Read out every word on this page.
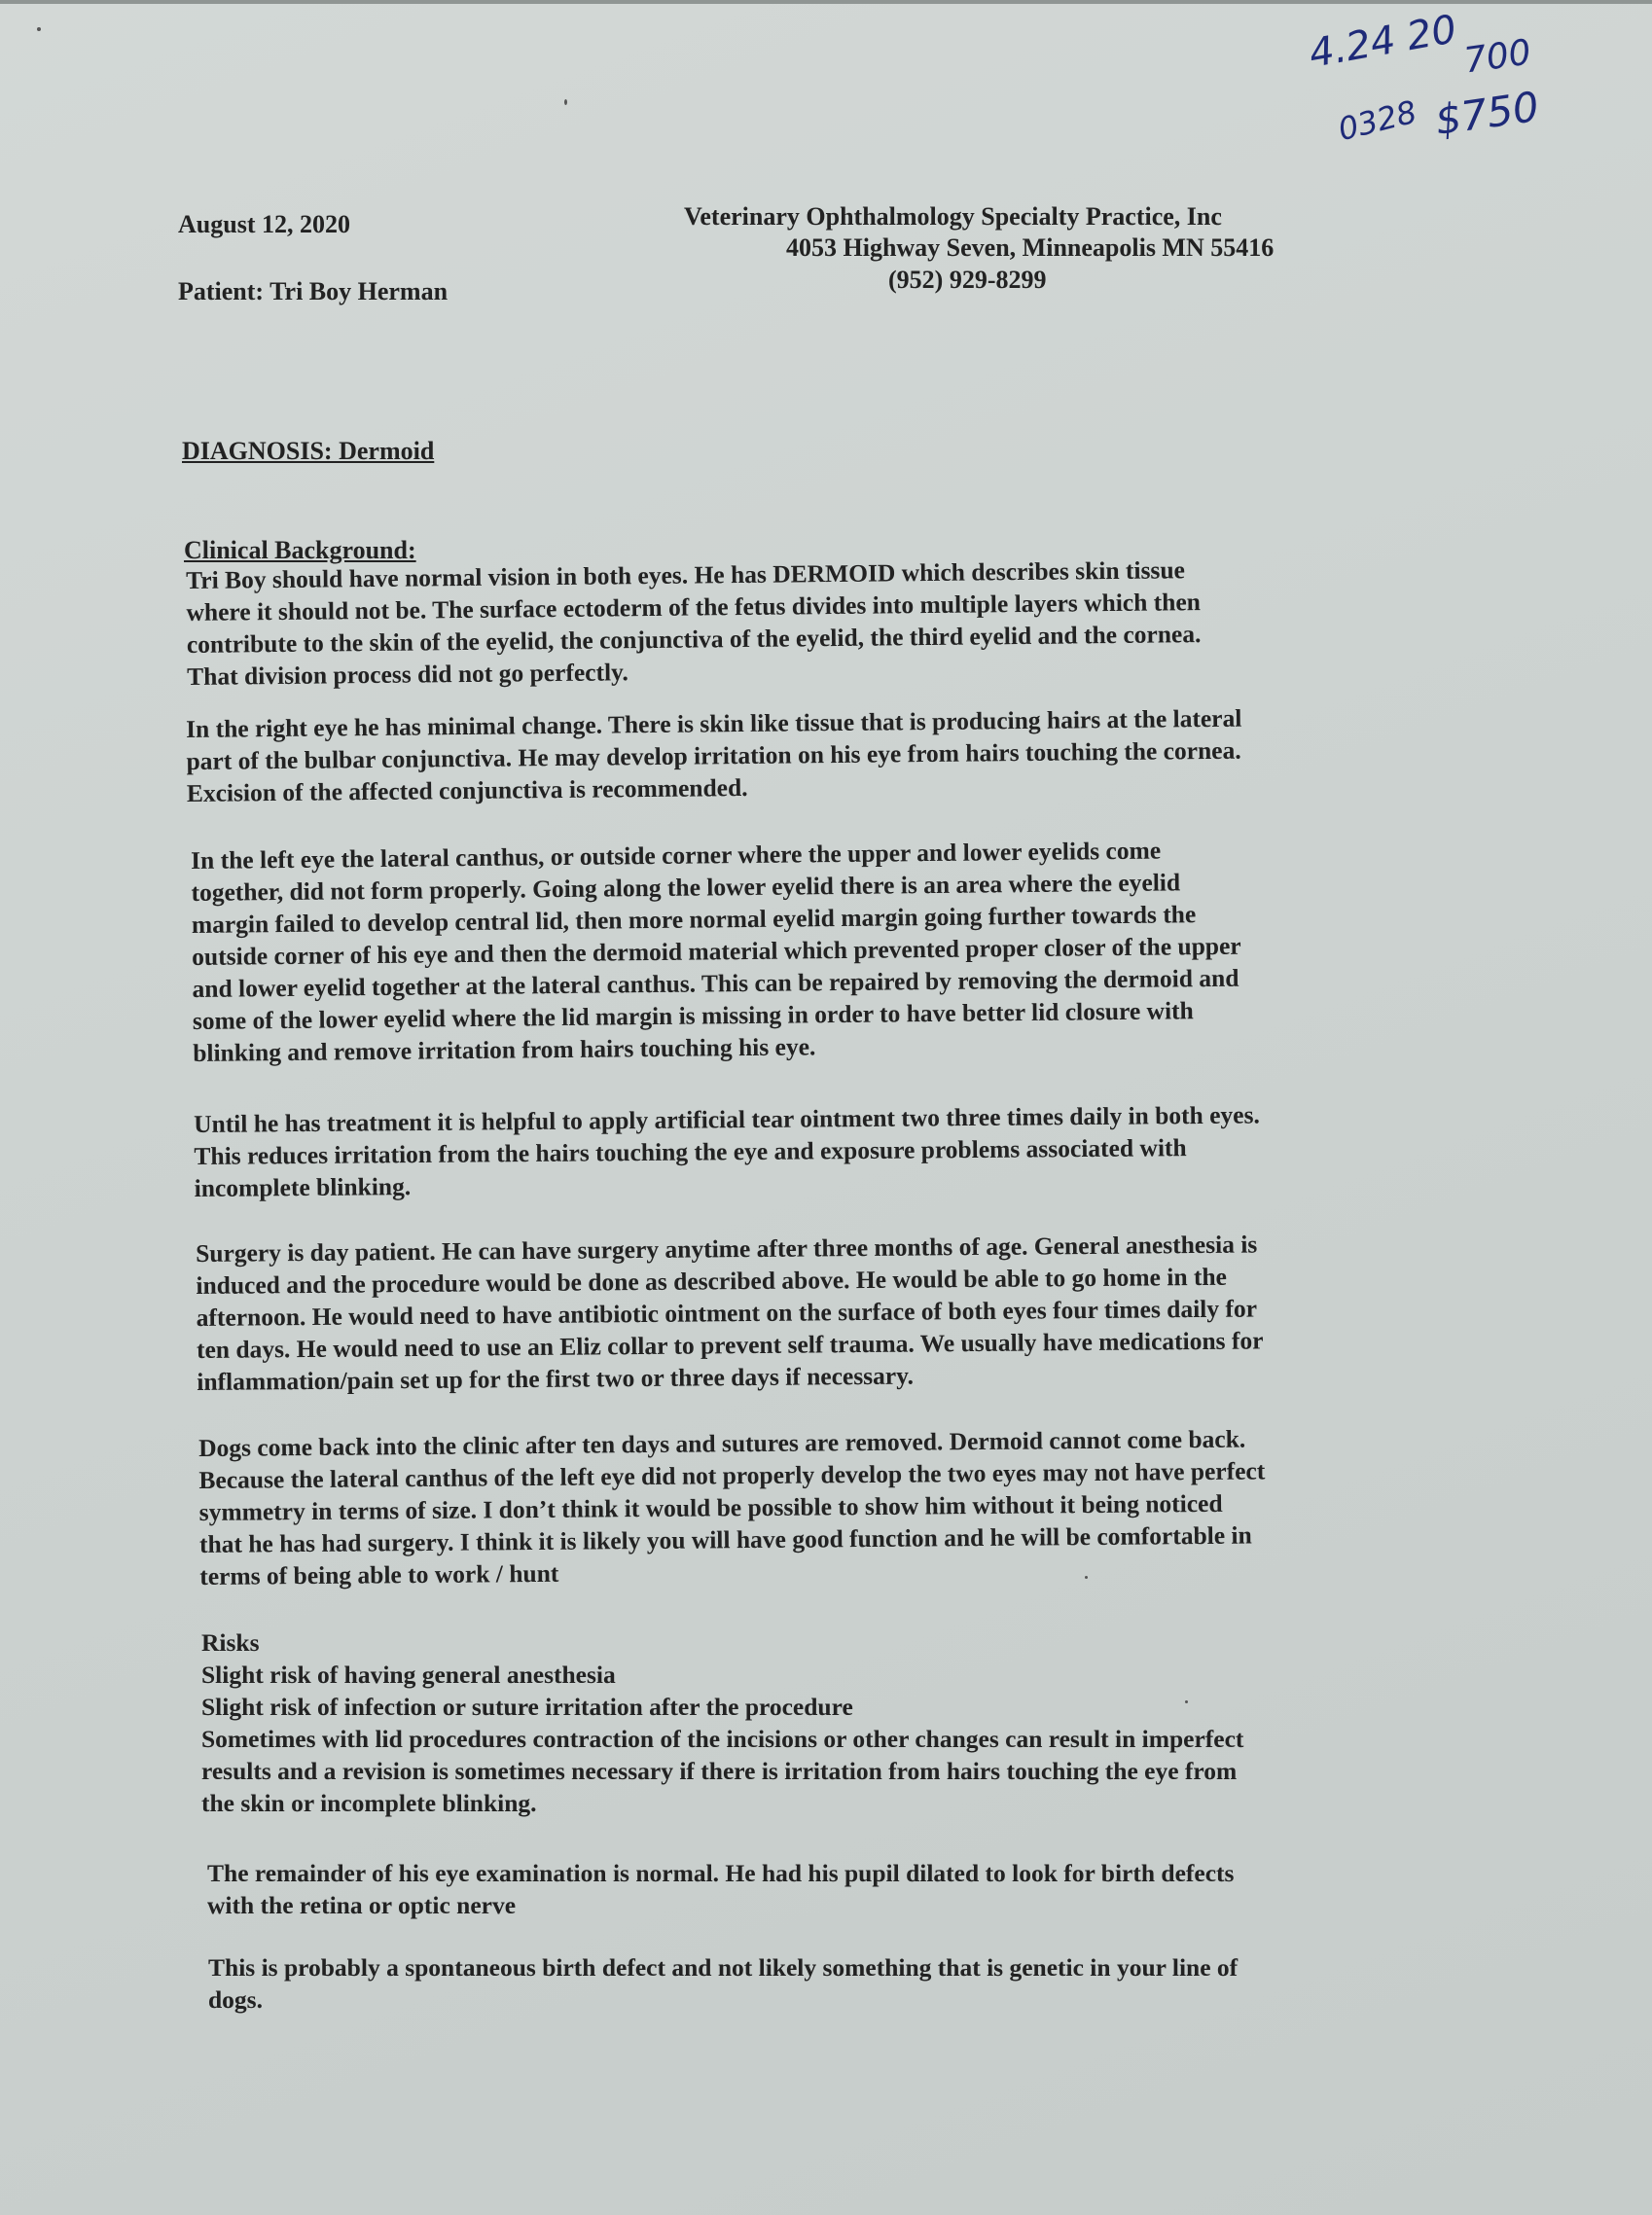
4.24 20 700
0328 $750
August 12, 2020
Patient: Tri Boy Herman
Veterinary Ophthalmology Specialty Practice, Inc
4053 Highway Seven, Minneapolis MN 55416
(952) 929-8299
DIAGNOSIS: Dermoid
Clinical Background:
Tri Boy should have normal vision in both eyes. He has DERMOID which describes skin tissue
where it should not be. The surface ectoderm of the fetus divides into multiple layers which then
contribute to the skin of the eyelid, the conjunctiva of the eyelid, the third eyelid and the cornea.
That division process did not go perfectly.
In the right eye he has minimal change. There is skin like tissue that is producing hairs at the lateral
part of the bulbar conjunctiva. He may develop irritation on his eye from hairs touching the cornea.
Excision of the affected conjunctiva is recommended.
In the left eye the lateral canthus, or outside corner where the upper and lower eyelids come
together, did not form properly. Going along the lower eyelid there is an area where the eyelid
margin failed to develop central lid, then more normal eyelid margin going further towards the
outside corner of his eye and then the dermoid material which prevented proper closer of the upper
and lower eyelid together at the lateral canthus. This can be repaired by removing the dermoid and
some of the lower eyelid where the lid margin is missing in order to have better lid closure with
blinking and remove irritation from hairs touching his eye.
Until he has treatment it is helpful to apply artificial tear ointment two three times daily in both eyes.
This reduces irritation from the hairs touching the eye and exposure problems associated with
incomplete blinking.
Surgery is day patient. He can have surgery anytime after three months of age. General anesthesia is
induced and the procedure would be done as described above. He would be able to go home in the
afternoon. He would need to have antibiotic ointment on the surface of both eyes four times daily for
ten days. He would need to use an Eliz collar to prevent self trauma. We usually have medications for
inflammation/pain set up for the first two or three days if necessary.
Dogs come back into the clinic after ten days and sutures are removed. Dermoid cannot come back.
Because the lateral canthus of the left eye did not properly develop the two eyes may not have perfect
symmetry in terms of size. I don’t think it would be possible to show him without it being noticed
that he has had surgery. I think it is likely you will have good function and he will be comfortable in
terms of being able to work / hunt
Risks
Slight risk of having general anesthesia
Slight risk of infection or suture irritation after the procedure
Sometimes with lid procedures contraction of the incisions or other changes can result in imperfect
results and a revision is sometimes necessary if there is irritation from hairs touching the eye from
the skin or incomplete blinking.
The remainder of his eye examination is normal. He had his pupil dilated to look for birth defects
with the retina or optic nerve
This is probably a spontaneous birth defect and not likely something that is genetic in your line of
dogs.
